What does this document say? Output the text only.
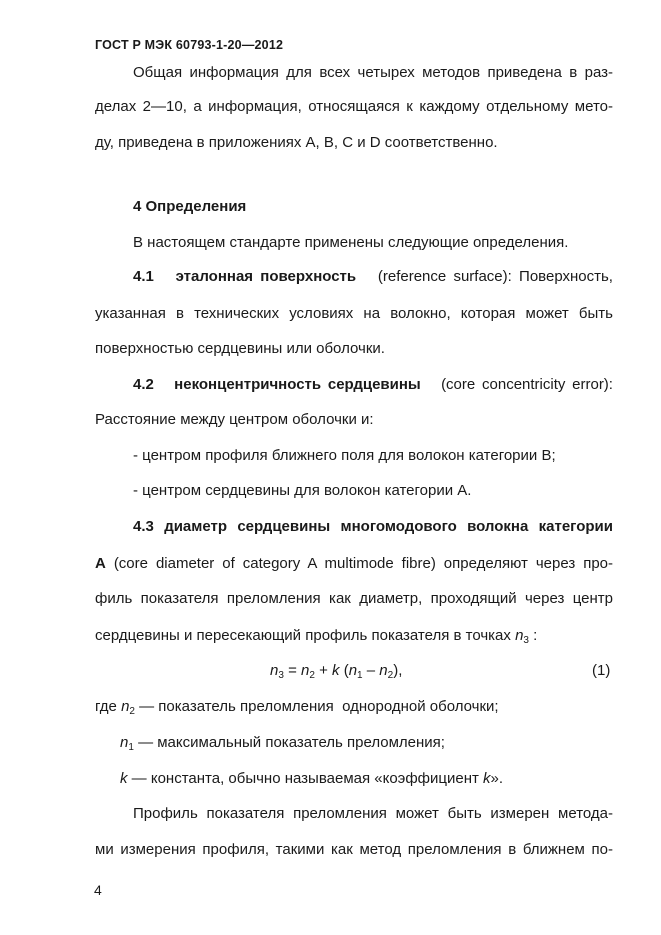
ГОСТ Р МЭК 60793-1-20—2012
Общая информация для всех четырех методов приведена в раз-
делах 2—10, а информация, относящаяся к каждому отдельному мето-
ду, приведена в приложениях А, В, С и D соответственно.
4 Определения
В настоящем стандарте применены следующие определения.
4.1 эталонная поверхность (reference surface): Поверхность,
указанная в технических условиях на волокно, которая может быть
поверхностью сердцевины или оболочки.
4.2 неконцентричность сердцевины (core concentricity error):
Расстояние между центром оболочки и:
- центром профиля ближнего поля для волокон категории В;
- центром сердцевины для волокон категории А.
4.3 диаметр сердцевины многомодового волокна категории
А (core diameter of category A multimode fibre) определяют через про-
филь показателя преломления как диаметр, проходящий через центр
сердцевины и пересекающий профиль показателя в точках $n_3$ :
$n_3 = n_2 + k$ $(n_1 - n_2)$,	(1)
где $n_2$ — показатель преломления  однородной оболочки;
$n_1$ — максимальный показатель преломления;
k — константа, обычно называемая «коэффициент k».
Профиль показателя преломления может быть измерен метода-
ми измерения профиля, такими как метод преломления в ближнем по-
4
